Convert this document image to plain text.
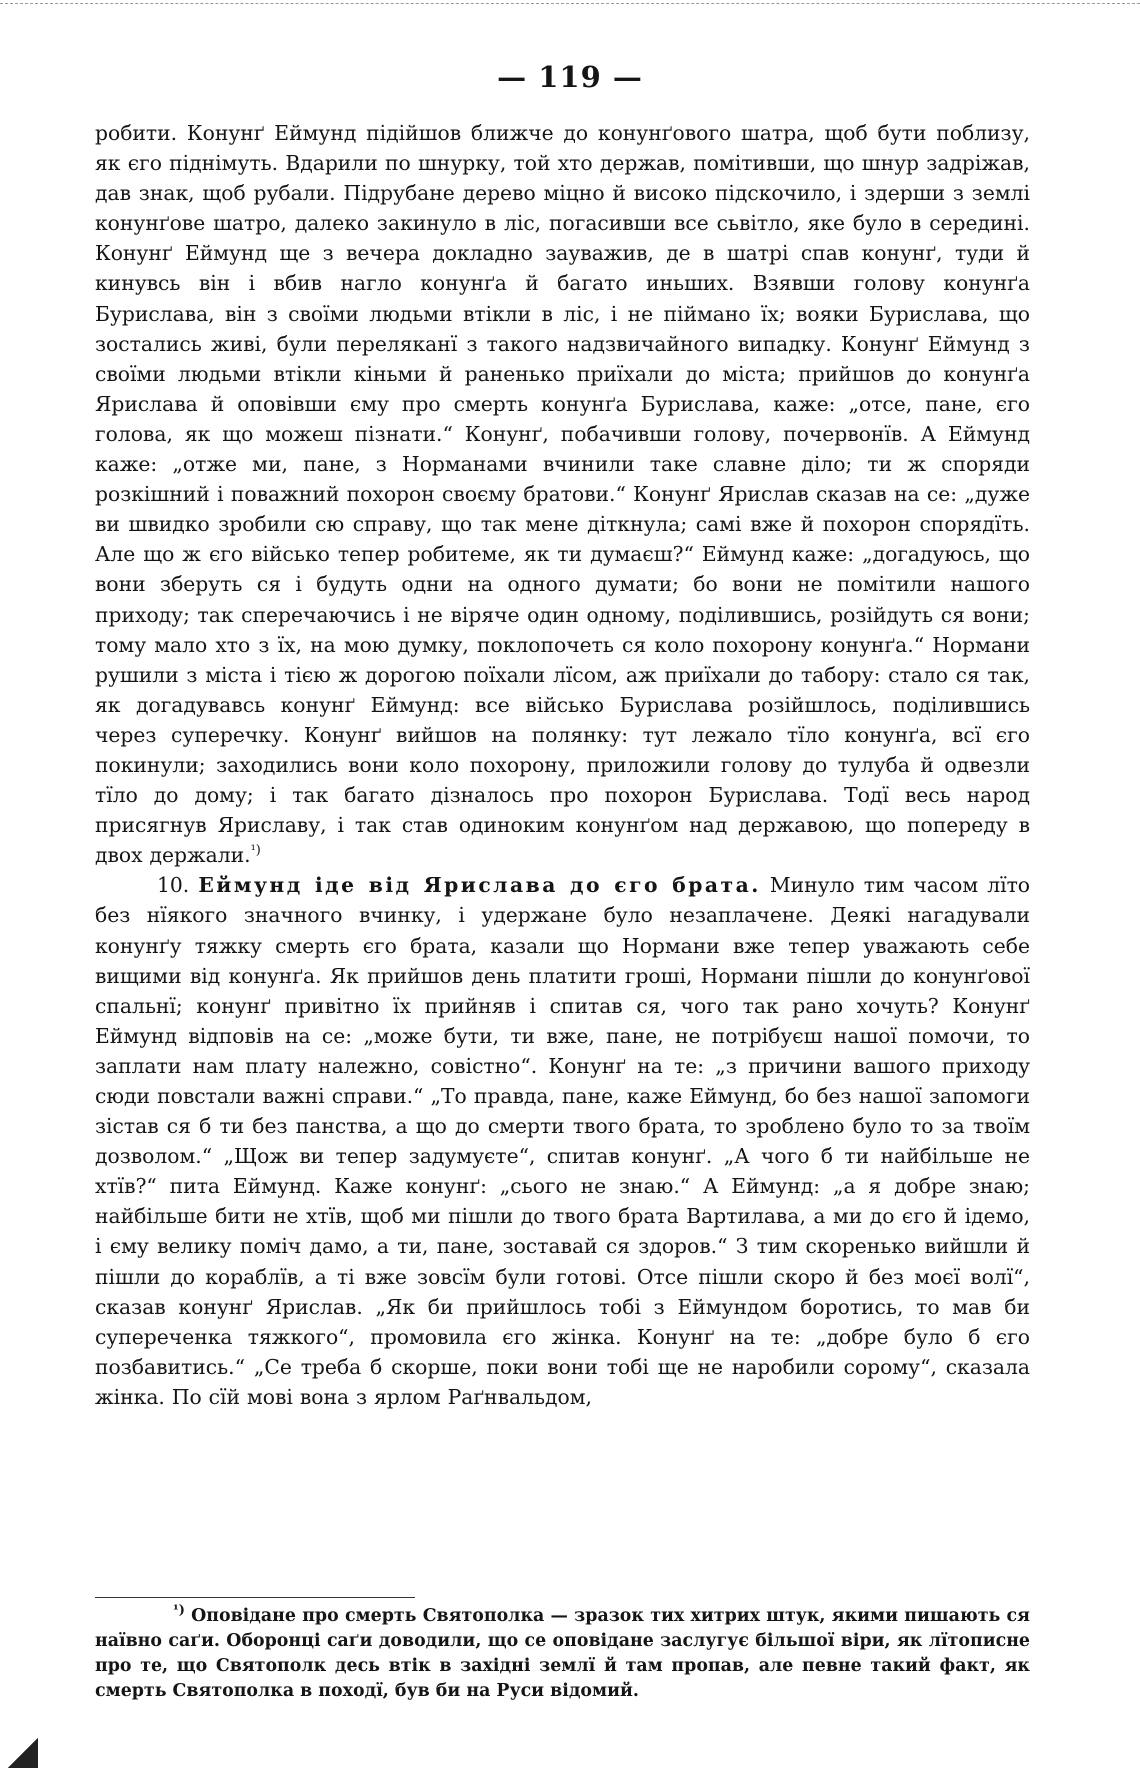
— 119 —

робити. Конунґ Еймунд підійшов ближче до конунґового шатра, щоб бути поблизу, як єго піднімуть. Вдарили по шнурку, той хто держав, помітивши, що шнур задріжав, дав знак, щоб рубали. Підрубане дерево міцно й високо підскочило, і здерши з землі конунґове шатро, далеко закинуло в ліс, погасивши все сьвітло, яке було в середині. Конунґ Еймунд ще з вечера докладно зауважив, де в шатрі спав конунґ, туди й кинувсь він і вбив нагло конунґа й багато иньших. Взявши голову конунґа Бурислава, він з своїми людьми втікли в ліс, і не піймано їх; вояки Бурислава, що зостались живі, були переляканї з такого надзвичайного випадку. Конунґ Еймунд з своїми людьми втікли кіньми й раненько приїхали до міста; прийшов до конунґа Ярислава й оповівши єму про смерть конунґа Бурислава, каже: „отсе, пане, єго голова, як що можеш пізнати.“ Конунґ, побачивши голову, почервонїв. А Еймунд каже: „отже ми, пане, з Норманами вчинили таке славне діло; ти ж споряди розкішний і поважний похорон своєму братови.“ Конунґ Ярислав сказав на се: „дуже ви швидко зробили сю справу, що так мене діткнула; самі вже й похорон спорядїть. Але що ж єго військо тепер робитеме, як ти думаєш?“ Еймунд каже: „догадуюсь, що вони зберуть ся і будуть одни на одного думати; бо вони не помітили нашого приходу; так сперечаючись і не віряче один одному, поділившись, розійдуть ся вони; тому мало хто з їх, на мою думку, поклопочеть ся коло похорону конунґа.“ Нормани рушили з міста і тією ж дорогою поїхали лїсом, аж приїхали до табору: стало ся так, як догадувавсь конунґ Еймунд: все військо Бурислава розійшлось, поділившись через суперечку. Конунґ вийшов на полянку: тут лежало тїло конунґа, всї єго покинули; заходились вони коло похорону, приложили голову до тулуба й одвезли тїло до дому; і так багато дізналось про похорон Бурислава. Тодї весь народ присягнув Яриславу, і так став одиноким конунґом над державою, що попереду в двох держали.$^{^1)}$

10. Еймунд іде від Ярислава до єго брата. Минуло тим часом лїто без нїякого значного вчинку, і удержане було незаплачене. Деякі нагадували конунґу тяжку смерть єго брата, казали що Нормани вже тепер уважають себе вищими від конунґа. Як прийшов день платити гроші, Нормани пішли до конунґової спальнї; конунґ привітно їх прийняв і спитав ся, чого так рано хочуть? Конунґ Еймунд відповів на се: „може бути, ти вже, пане, не потрібуєш нашої помочи, то заплати нам плату належно, совістно“. Конунґ на те: „з причини вашого приходу сюди повстали важні справи.“ „То правда, пане, каже Еймунд, бо без нашої запомоги зістав ся б ти без панства, а що до смерти твого брата, то зроблено було то за твоїм дозволом.“ „Щож ви тепер задумуєте“, спитав конунґ. „А чого б ти найбільше не хтїв?“ пита Еймунд. Каже конунґ: „сього не знаю.“ А Еймунд: „а я добре знаю; найбільше бити не хтїв, щоб ми пішли до твого брата Вартилава, а ми до єго й ідемо, і єму велику поміч дамо, а ти, пане, зоставай ся здоров.“ З тим скоренько вийшли й пішли до кораблїв, а ті вже зовсїм були готові. Отсе пішли скоро й без моєї волї“, сказав конунґ Ярислав. „Як би прийшлось тобі з Еймундом боротись, то мав би супереченка тяжкого“, промовила єго жінка. Конунґ на те: „добре було б єго позбавитись.“ „Се треба б скорше, поки вони тобі ще не наробили сорому“, сказала жінка. По сїй мові вона з ярлом Раґнвальдом,

$^{^1)}$ Оповідане про смерть Святополка — зразок тих хитрих штук, якими пишають ся наївно саґи. Оборонці саґи доводили, що се оповідане заслугує більшої віри, як лїтописне про те, що Святополк десь втік в західні землї й там пропав, але певне такий факт, як смерть Святополка в походї, був би на Руси відомий.
